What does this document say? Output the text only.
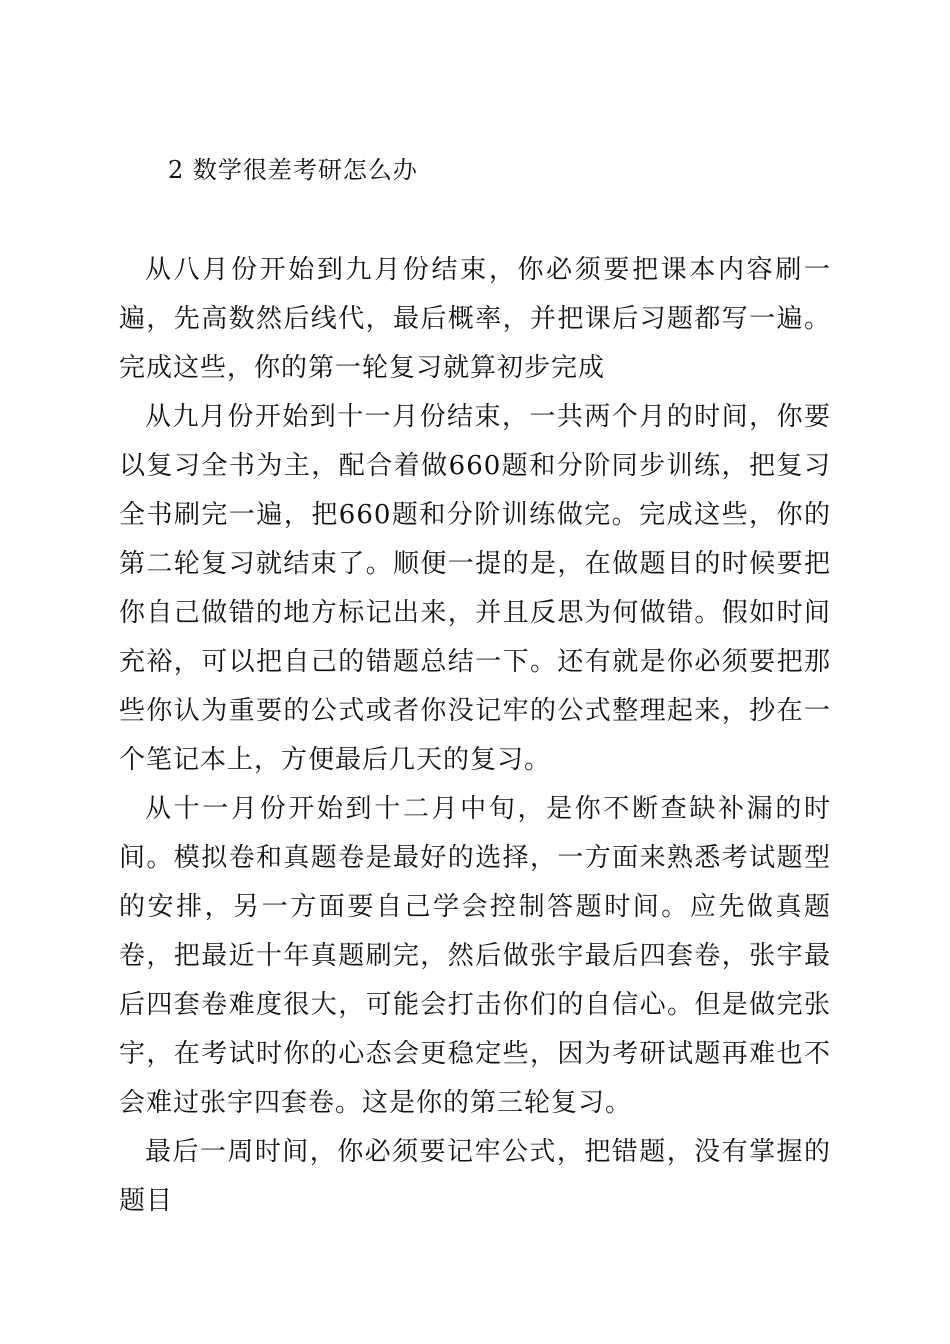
2 数学很差考研怎么办

从八月份开始到九月份结束，你必须要把课本内容刷一遍，先高数然后线代，最后概率，并把课后习题都写一遍。完成这些，你的第一轮复习就算初步完成

从九月份开始到十一月份结束，一共两个月的时间，你要以复习全书为主，配合着做660题和分阶同步训练，把复习全书刷完一遍，把660题和分阶训练做完。完成这些，你的第二轮复习就结束了。顺便一提的是，在做题目的时候要把你自己做错的地方标记出来，并且反思为何做错。假如时间充裕，可以把自己的错题总结一下。还有就是你必须要把那些你认为重要的公式或者你没记牢的公式整理起来，抄在一个笔记本上，方便最后几天的复习。

从十一月份开始到十二月中旬，是你不断查缺补漏的时间。模拟卷和真题卷是最好的选择，一方面来熟悉考试题型的安排，另一方面要自己学会控制答题时间。应先做真题卷，把最近十年真题刷完，然后做张宇最后四套卷，张宇最后四套卷难度很大，可能会打击你们的自信心。但是做完张宇，在考试时你的心态会更稳定些，因为考研试题再难也不会难过张宇四套卷。这是你的第三轮复习。

最后一周时间，你必须要记牢公式，把错题，没有掌握的题目
